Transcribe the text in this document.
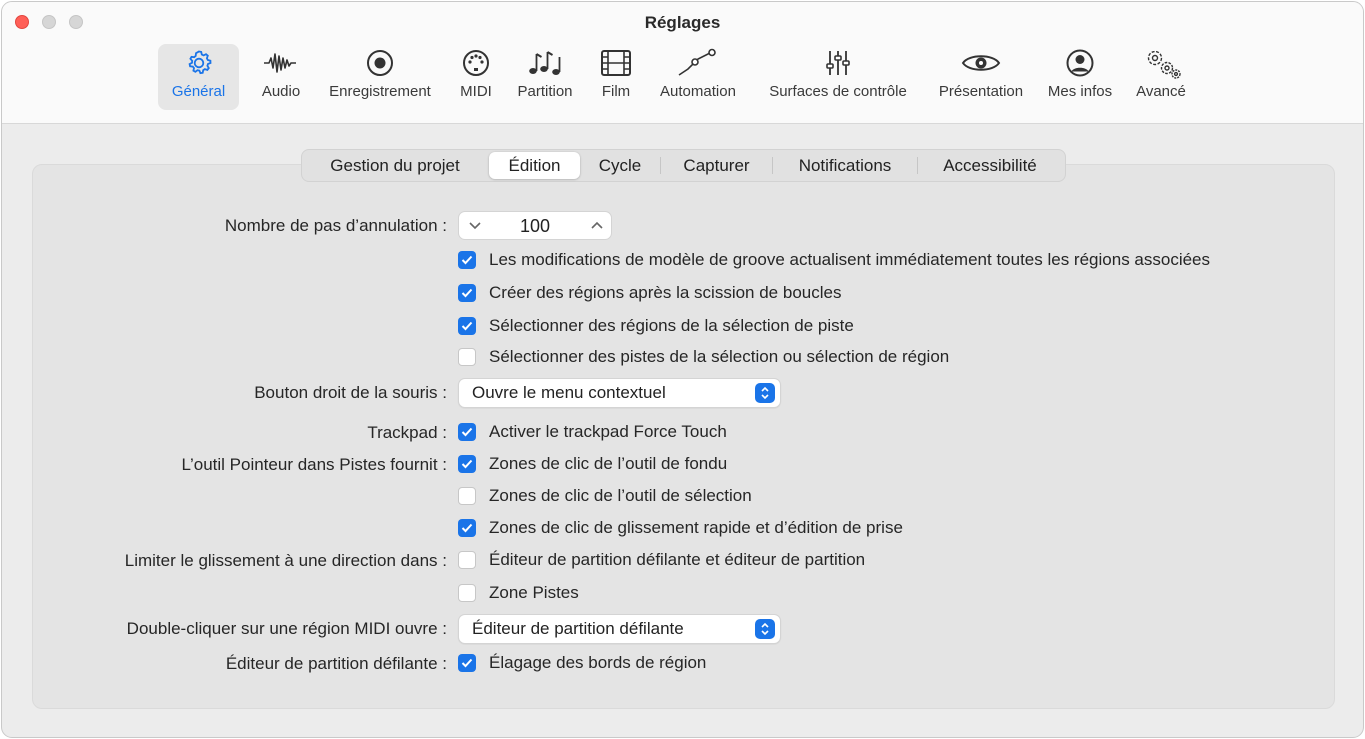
Réglages
Général Audio Enregistrement MIDI Partition Film Automation Surfaces de contrôle Présentation Mes infos Avancé
Gestion du projet	Édition Cycle Capturer	Notifications	Accessibilité
Nombre de pas d’annulation :	100
Les modifications de modèle de groove actualisent immédiatement toutes les régions associées
Créer des régions après la scission de boucles
Sélectionner des régions de la sélection de piste
Sélectionner des pistes de la sélection ou sélection de région
Bouton droit de la souris : Ouvre le menu contextuel
Trackpad : Activer le trackpad Force Touch
L’outil Pointeur dans Pistes fournit : Zones de clic de l’outil de fondu
Zones de clic de l’outil de sélection
Zones de clic de glissement rapide et d’édition de prise
Limiter le glissement à une direction dans : Éditeur de partition défilante et éditeur de partition
Zone Pistes
Double-cliquer sur une région MIDI ouvre : Éditeur de partition défilante
Éditeur de partition défilante : Élagage des bords de région
